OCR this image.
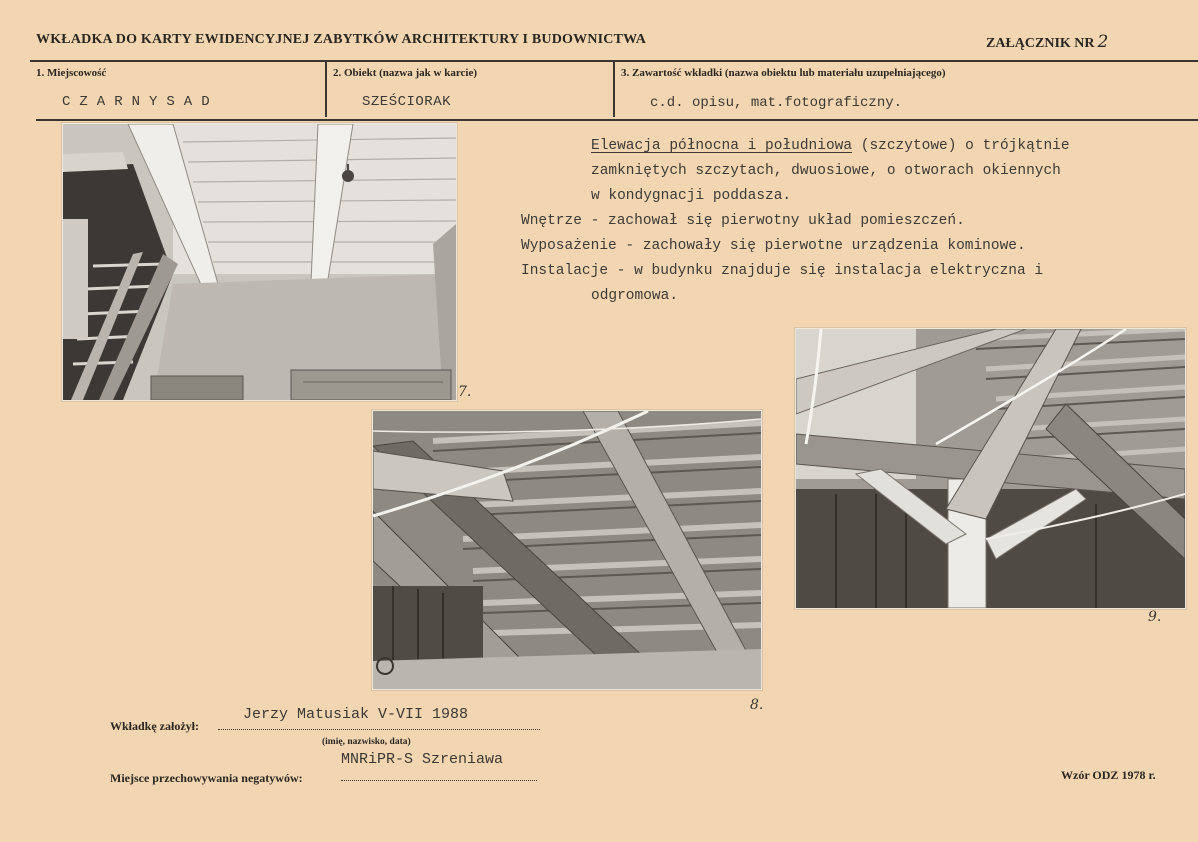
WKŁADKA DO KARTY EWIDENCYJNEJ ZABYTKÓW ARCHITEKTURY I BUDOWNICTWA	ZAŁĄCZNIK NR 2
1. Miejscowość
CZARNYSAD
2. Obiekt (nazwa jak w karcie)
SZEŚCIORAK
3. Zawartość wkładki (nazwa obiektu lub materiału uzupełniającego)
c.d. opisu, mat.fotograficzny.
7.
Elewacja północna i południowa (szczytowe) o trójkątnie
zamkniętych szczytach, dwuosiowe, o otworach okiennych
w kondygnacji poddasza.
Wnętrze - zachował się pierwotny układ pomieszczeń.
Wyposażenie - zachowały się pierwotne urządzenia kominowe.
Instalacje - w budynku znajduje się instalacja elektryczna i
odgromowa.
8.
9.
Wkładkę założył:
Jerzy Matusiak V-VII 1988
(imię, nazwisko, data)
Miejsce przechowywania negatywów:
MNRiPR-S Szreniawa
Wzór ODZ 1978 r.
